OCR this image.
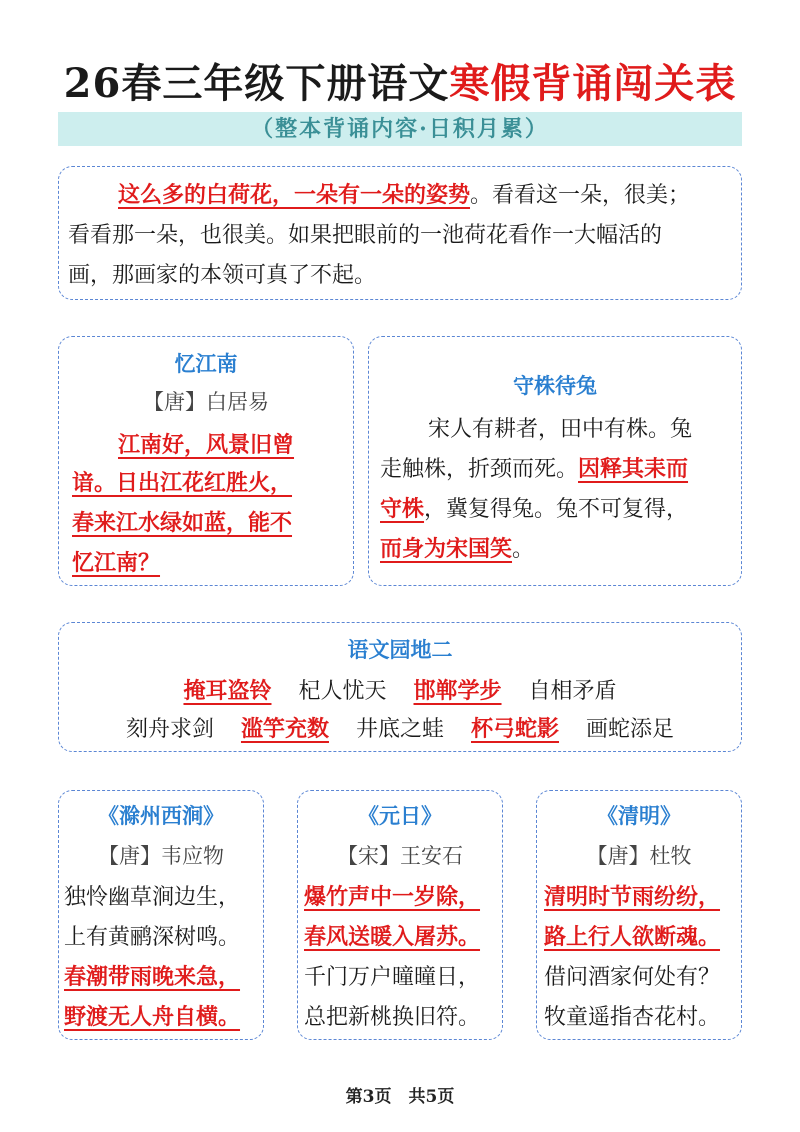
26春三年级下册语文寒假背诵闯关表
（整本背诵内容·日积月累）
这么多的白荷花，一朵有一朵的姿势。看看这一朵，很美；
看看那一朵，也很美。如果把眼前的一池荷花看作一大幅活的
画，那画家的本领可真了不起。
忆江南
【唐】白居易
江南好，风景旧曾
谙。日出江花红胜火，
春来江水绿如蓝，能不
忆江南？
守株待兔
宋人有耕者，田中有株。兔
走触株，折颈而死。因释其耒而
守株，冀复得兔。兔不可复得，
而身为宋国笑。
语文园地二
掩耳盗铃 杞人忧天 邯郸学步 自相矛盾
刻舟求剑 滥竽充数 井底之蛙 杯弓蛇影 画蛇添足
《滁州西涧》
【唐】韦应物
独怜幽草涧边生，
上有黄鹂深树鸣。
春潮带雨晚来急，
野渡无人舟自横。
《元日》
【宋】王安石
爆竹声中一岁除，
春风送暖入屠苏。
千门万户曈曈日，
总把新桃换旧符。
《清明》
【唐】杜牧
清明时节雨纷纷，
路上行人欲断魂。
借问酒家何处有？
牧童遥指杏花村。
第3页　共5页
